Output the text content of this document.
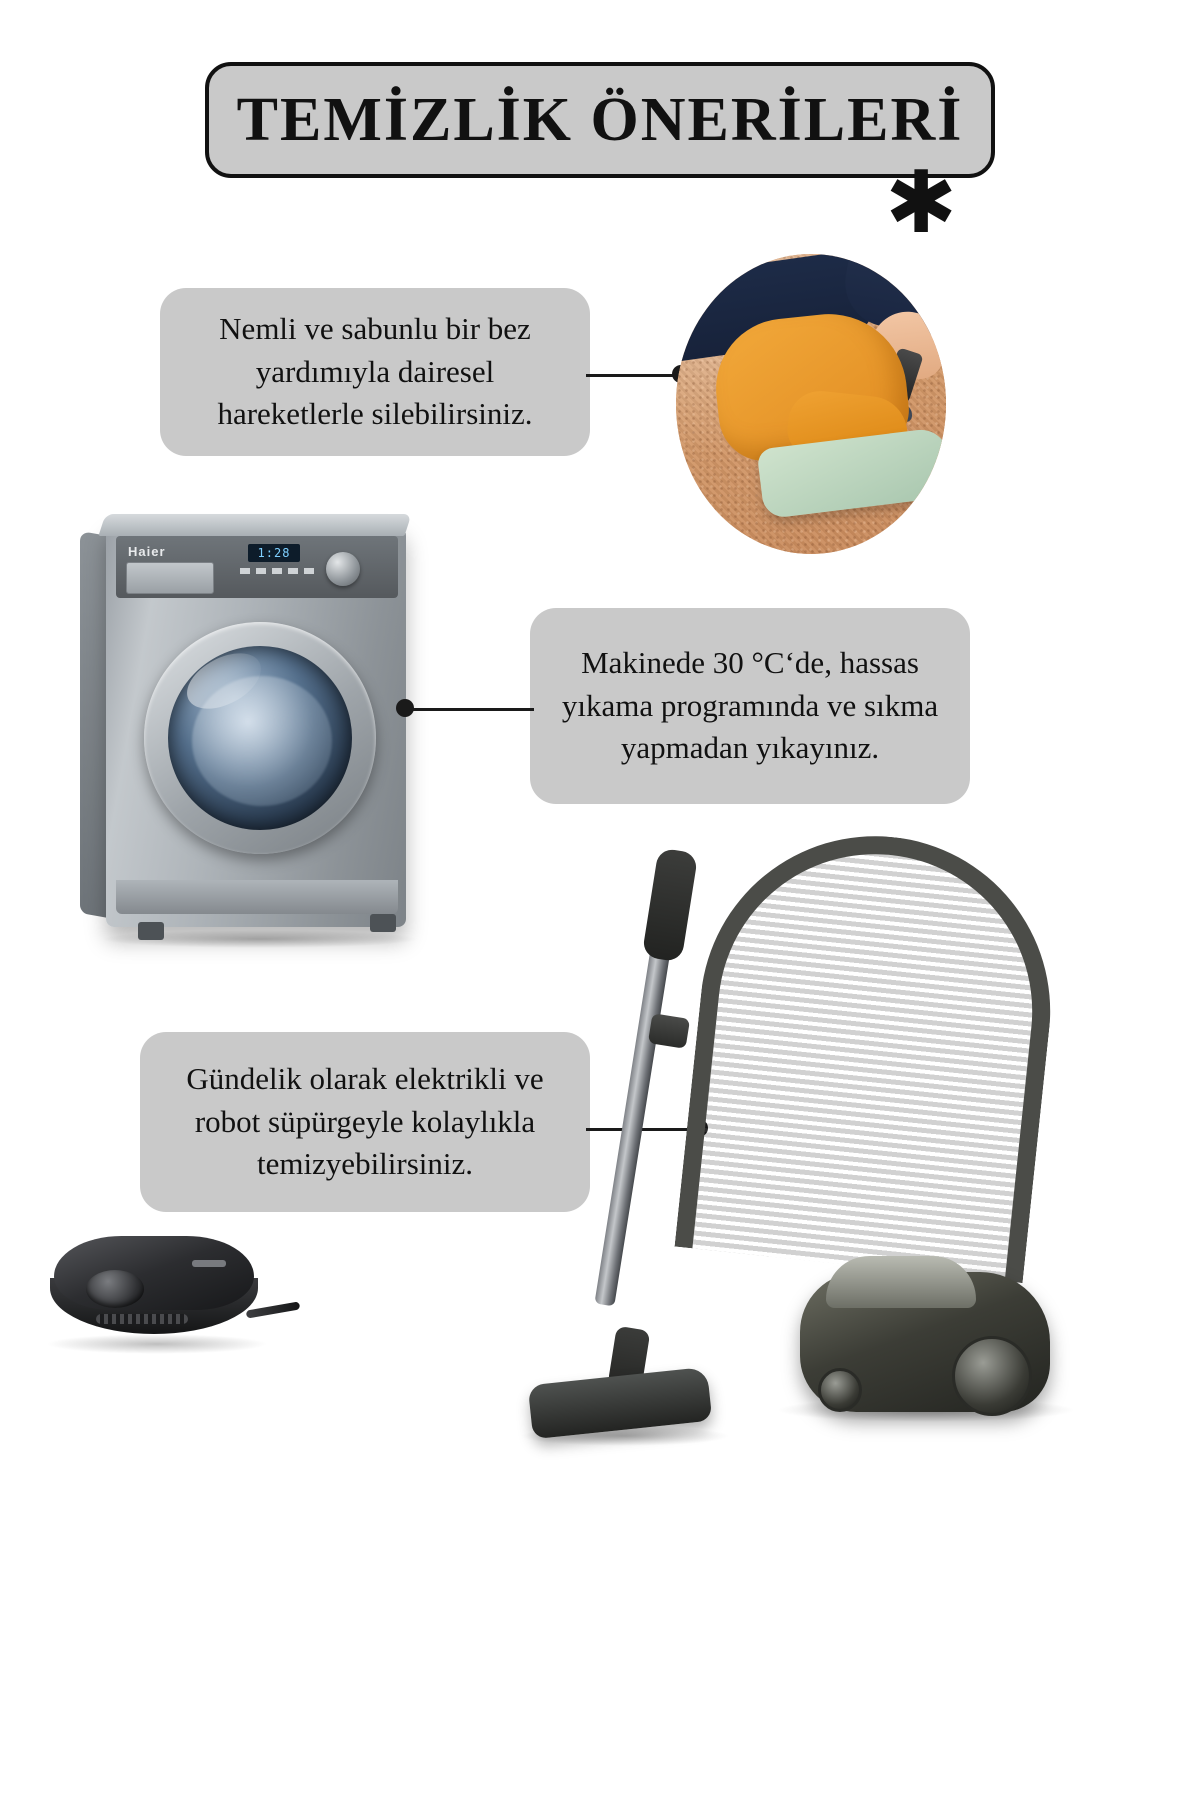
TEMİZLİK ÖNERİLERİ
✱
Nemli ve sabunlu bir bez yardımıyla dairesel hareketlerle silebilirsiniz.
Haier	1:28
Makinede 30 °C‘de, hassas yıkama programında ve sıkma yapmadan yıkayınız.
Gündelik olarak elektrikli ve robot süpürgeyle kolaylıkla temizyebilirsiniz.
